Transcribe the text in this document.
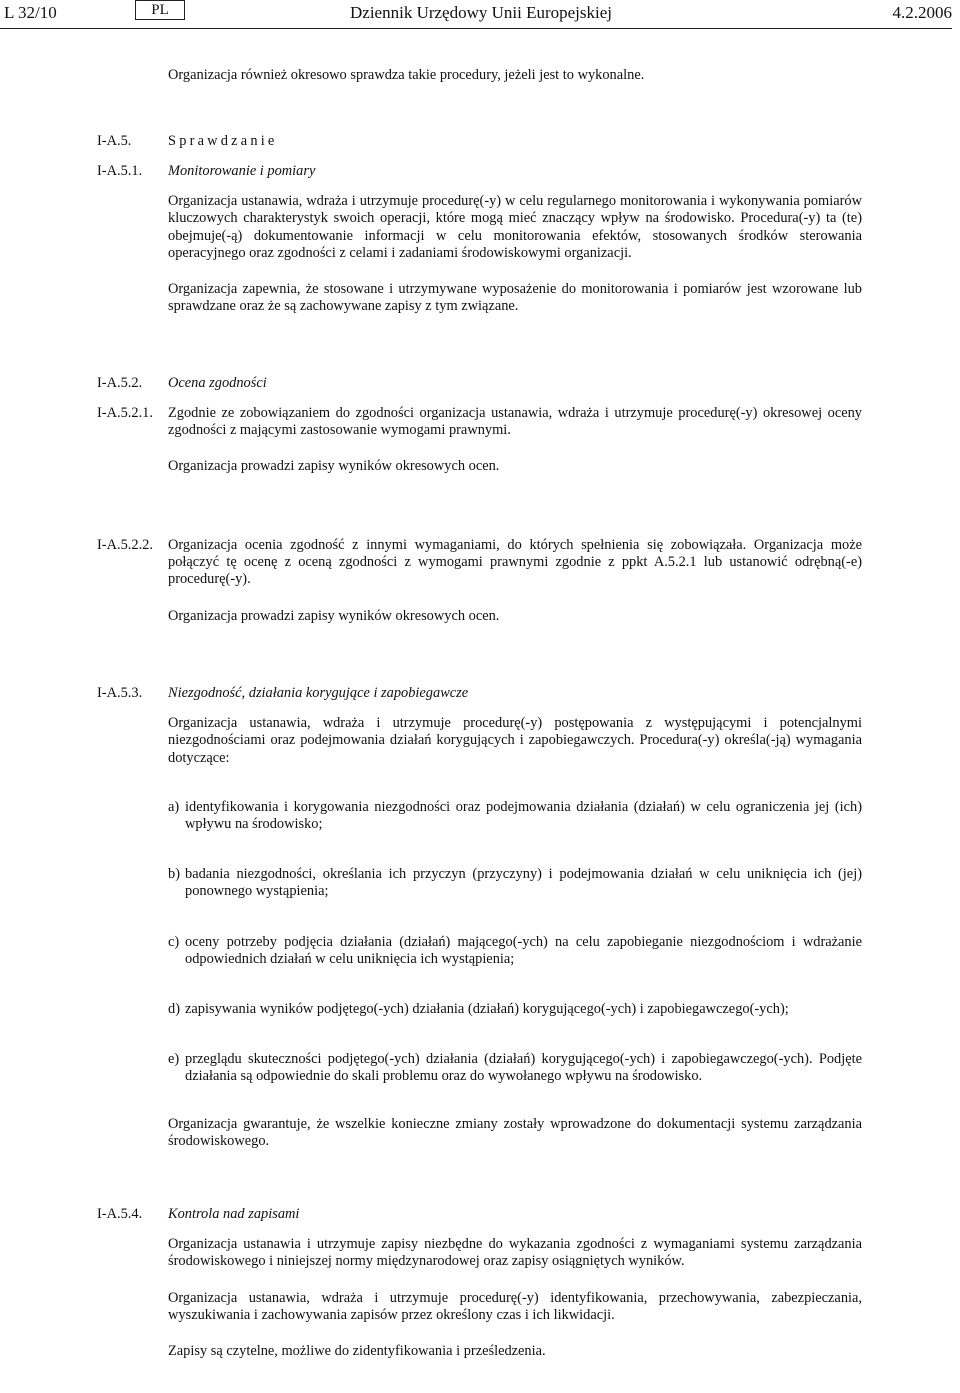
L 32/10	PL	Dziennik Urzędowy Unii Europejskiej	4.2.2006

Organizacja również okresowo sprawdza takie procedury, jeżeli jest to wykonalne.

I-A.5.	Sprawdzanie

I-A.5.1. Monitorowanie i pomiary

Organizacja ustanawia, wdraża i utrzymuje procedurę(-y) w celu regularnego monitorowania i wykonywania pomiarów kluczowych charakterystyk swoich operacji, które mogą mieć znaczący wpływ na środowisko. Procedura(-y) ta (te) obejmuje(-ą) dokumentowanie informacji w celu monitorowania efektów, stosowanych środków sterowania operacyjnego oraz zgodności z celami i zadaniami środowiskowymi organizacji.

Organizacja zapewnia, że stosowane i utrzymywane wyposażenie do monitorowania i pomiarów jest wzorowane lub sprawdzane oraz że są zachowywane zapisy z tym związane.

I-A.5.2. Ocena zgodności

I-A.5.2.1. Zgodnie ze zobowiązaniem do zgodności organizacja ustanawia, wdraża i utrzymuje procedurę(-y) okresowej oceny zgodności z mającymi zastosowanie wymogami prawnymi.

Organizacja prowadzi zapisy wyników okresowych ocen.

I-A.5.2.2. Organizacja ocenia zgodność z innymi wymaganiami, do których spełnienia się zobowiązała. Organizacja może połączyć tę ocenę z oceną zgodności z wymogami prawnymi zgodnie z ppkt A.5.2.1 lub ustanowić odrębną(-e) procedurę(-y).

Organizacja prowadzi zapisy wyników okresowych ocen.

I-A.5.3. Niezgodność, działania korygujące i zapobiegawcze

Organizacja ustanawia, wdraża i utrzymuje procedurę(-y) postępowania z występującymi i potencjalnymi niezgodnościami oraz podejmowania działań korygujących i zapobiegawczych. Procedura(-y) określa(-ją) wymagania dotyczące:

a) identyfikowania i korygowania niezgodności oraz podejmowania działania (działań) w celu ograniczenia jej (ich) wpływu na środowisko;
b) badania niezgodności, określania ich przyczyn (przyczyny) i podejmowania działań w celu uniknięcia ich (jej) ponownego wystąpienia;
c) oceny potrzeby podjęcia działania (działań) mającego(-ych) na celu zapobieganie niezgodnościom i wdrażanie odpowiednich działań w celu uniknięcia ich wystąpienia;
d) zapisywania wyników podjętego(-ych) działania (działań) korygującego(-ych) i zapobiegawczego(-ych);
e) przeglądu skuteczności podjętego(-ych) działania (działań) korygującego(-ych) i zapobiegawczego(-ych). Podjęte działania są odpowiednie do skali problemu oraz do wywołanego wpływu na środowisko.

Organizacja gwarantuje, że wszelkie konieczne zmiany zostały wprowadzone do dokumentacji systemu zarządzania środowiskowego.

I-A.5.4. Kontrola nad zapisami

Organizacja ustanawia i utrzymuje zapisy niezbędne do wykazania zgodności z wymaganiami systemu zarządzania środowiskowego i niniejszej normy międzynarodowej oraz zapisy osiągniętych wyników.

Organizacja ustanawia, wdraża i utrzymuje procedurę(-y) identyfikowania, przechowywania, zabezpieczania, wyszukiwania i zachowywania zapisów przez określony czas i ich likwidacji.

Zapisy są czytelne, możliwe do zidentyfikowania i prześledzenia.
